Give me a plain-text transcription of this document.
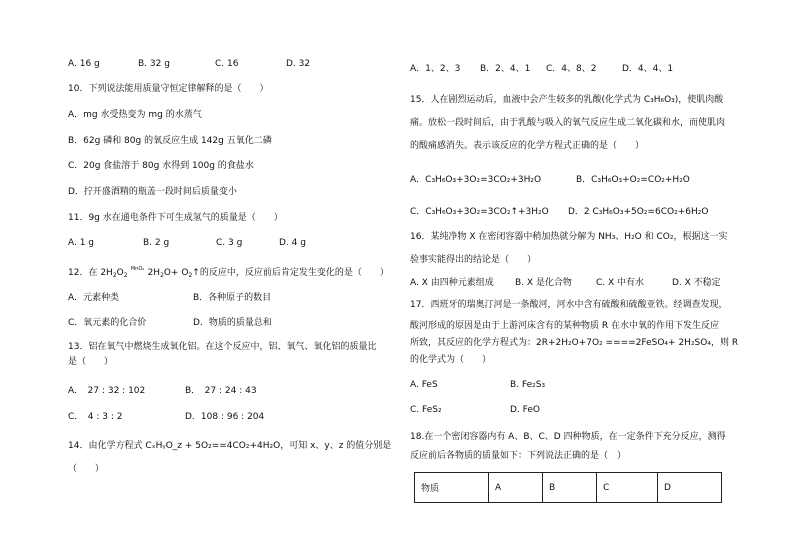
A. 16 g	B. 32 g	C. 16	D. 32
10．下列说法能用质量守恒定律解释的是（　　）
A．mg 水受热变为 mg 的水蒸气
B．62g 磷和 80g 的氧反应生成 142g 五氧化二磷
C．20g 食盐溶于 80g 水得到 100g 的食盐水
D．拧开盛酒精的瓶盖一段时间后质量变小
11．9g 水在通电条件下可生成氢气的质量是（　　）
A. 1 g	B. 2 g	C. 3 g	D. 4 g
12．在 $2H_2O_2MnO_2$ $2H_2O+$ $O_2↑$的反应中，反应前后肯定发生变化的是（　　）
A．元素种类	B．各种原子的数目
C．氧元素的化合价	D．物质的质量总和
13．铝在氧气中燃烧生成氧化铝。在这个反应中，铝、氧气、氧化铝的质量比
是（　　）
A．　27 : 32 : 102	B．　27 : 24 : 43
C．　4 : 3 : 2	D．108 : 96 : 204
14．由化学方程式 CₓHᵧO_z + 5O₂==4CO₂+4H₂O，可知 x、y、z 的值分别是
（　　）
A．1、2、3 B．2、4、1 C．4、8、2	D．4、4、1
15．人在剧烈运动后，血液中会产生较多的乳酸(化学式为 C₃H₆O₃)，使肌肉酸
痛。放松一段时间后，由于乳酸与吸入的氧气反应生成二氧化碳和水，而使肌肉
的酸痛感消失。表示该反应的化学方程式正确的是（　　）
A．C₃H₆O₃+3O₂=3CO₂+3H₂O	B．C₃H₆O₃+O₂=CO₂+H₂O
C．C₃H₆O₃+3O₂=3CO₂↑+3H₂O D．2 C₃H₆O₃+5O₂=6CO₂+6H₂O
16．某纯净物 X 在密闭容器中稍加热就分解为 NH₃、H₂O 和 CO₂，根据这一实
验事实能得出的结论是（　　）
A. X 由四种元素组成 B. X 是化合物	C. X 中有水	D. X 不稳定
17．西班牙的瑞奥汀河是一条酸河，河水中含有硫酸和硫酸亚铁。经调查发现，
酸河形成的原因是由于上游河床含有的某种物质 R 在水中氧的作用下发生反应
所致，其反应的化学方程式为：2R+2H₂O+7O₂ ====2FeSO₄+ 2H₂SO₄，则 R
的化学式为（　　）
A. FeS	B. Fe₂S₃
C. FeS₂	D. FeO
18.在一个密闭容器内有 A、B、C、D 四种物质，在一定条件下充分反应，测得
反应前后各物质的质量如下：下列说法正确的是（　）
物质	A	B	C	D
